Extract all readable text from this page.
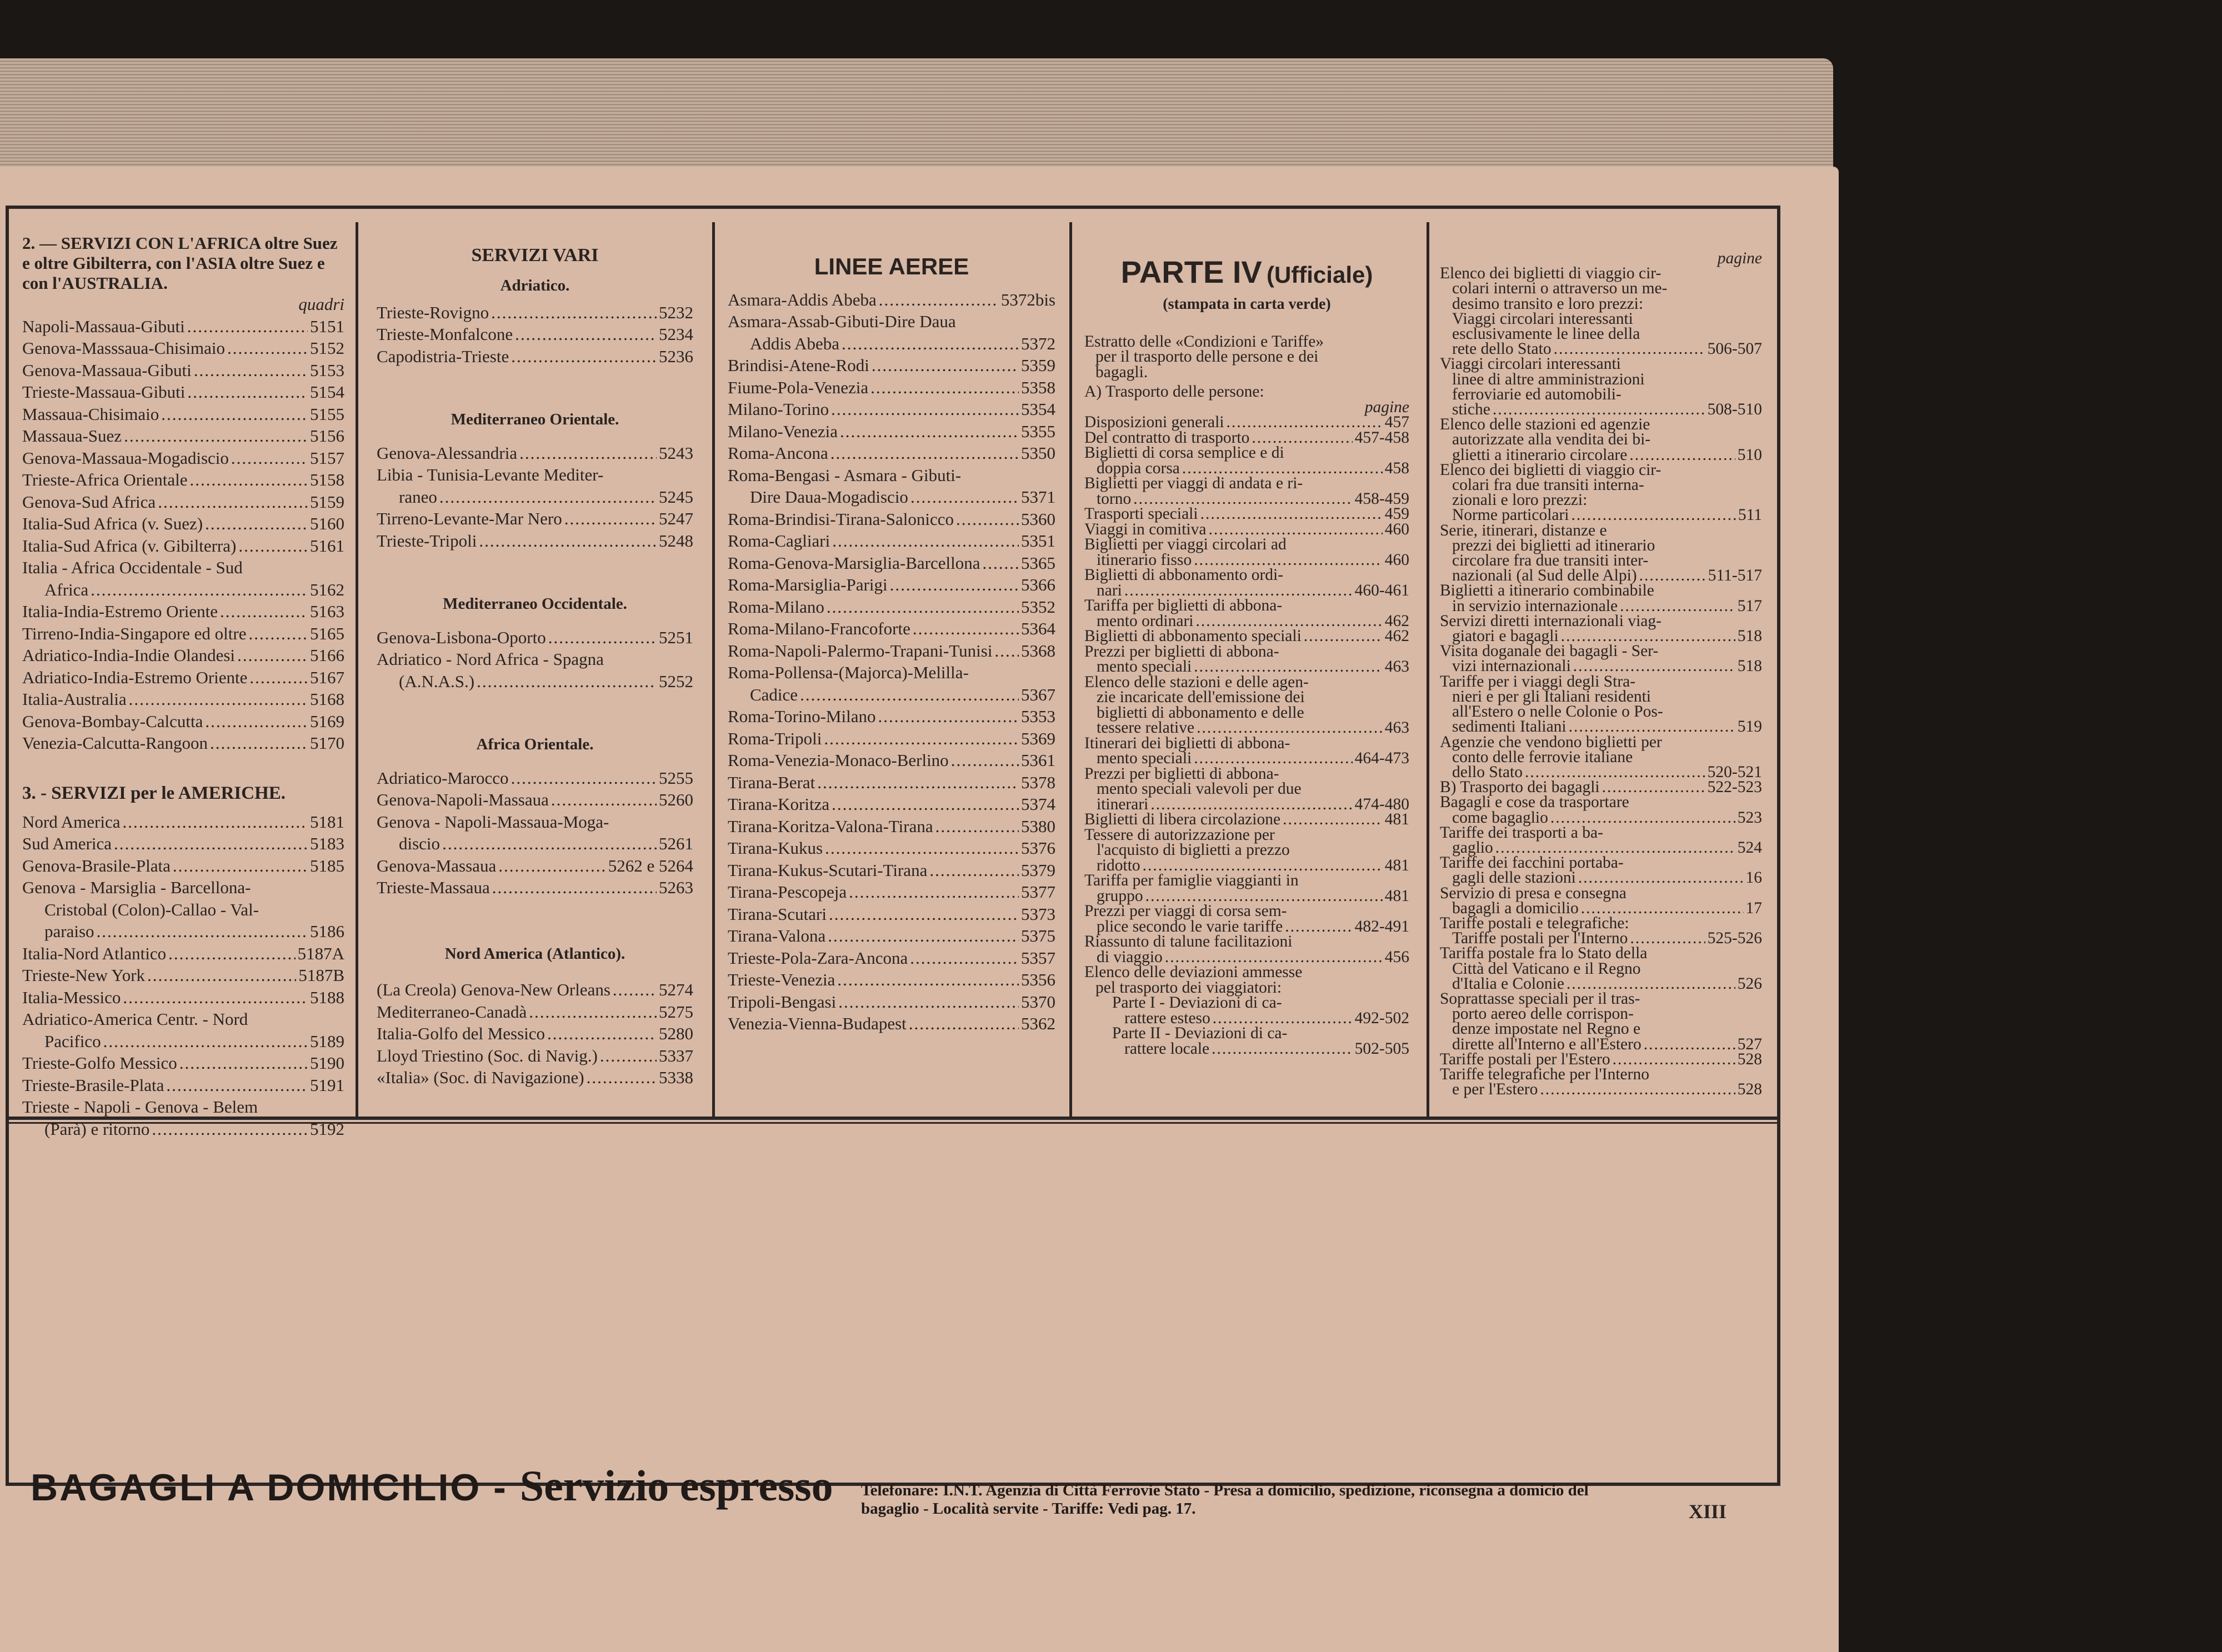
2. — SERVIZI CON L'AFRICA oltre Suez e oltre Gibilterra, con l'ASIA oltre Suez e con l'AUSTRALIA.
quadri
Napoli-Massaua-Gibuti .....	5151
Genova-Masssaua-Chisimaio .....	5152
Genova-Massaua-Gibuti .....	5153
Trieste-Massaua-Gibuti .....	5154
Massaua-Chisimaio .....	5155
Massaua-Suez .....	5156
Genova-Massaua-Mogadiscio .....	5157
Trieste-Africa Orientale .....	5158
Genova-Sud Africa .....	5159
Italia-Sud Africa (v. Suez) .....	5160
Italia-Sud Africa (v. Gibilterra) .....	5161
Italia - Africa Occidentale - Sud
Africa .....	5162
Italia-India-Estremo Oriente .....	5163
Tirreno-India-Singapore ed oltre .....	5165
Adriatico-India-Indie Olandesi .....	5166
Adriatico-India-Estremo Oriente .....	5167
Italia-Australia .....	5168
Genova-Bombay-Calcutta .....	5169
Venezia-Calcutta-Rangoon .....	5170
3. - SERVIZI per le AMERICHE.
Nord America .....	5181
Sud America .....	5183
Genova-Brasile-Plata .....	5185
Genova - Marsiglia - Barcellona-
Cristobal (Colon)-Callao - Val-
paraiso .....	5186
Italia-Nord Atlantico .....	5187A
Trieste-New York .....	5187B
Italia-Messico .....	5188
Adriatico-America Centr. - Nord
Pacifico .....	5189
Trieste-Golfo Messico .....	5190
Trieste-Brasile-Plata .....	5191
Trieste - Napoli - Genova - Belem
(Parà) e ritorno .....	5192
SERVIZI VARI
Adriatico.
Trieste-Rovigno .....	5232
Trieste-Monfalcone .....	5234
Capodistria-Trieste .....	5236
Mediterraneo Orientale.
Genova-Alessandria .....	5243
Libia - Tunisia-Levante Mediter-
raneo .....	5245
Tirreno-Levante-Mar Nero .....	5247
Trieste-Tripoli .....	5248
Mediterraneo Occidentale.
Genova-Lisbona-Oporto .....	5251
Adriatico - Nord Africa - Spagna
(A.N.A.S.) .....	5252
Africa Orientale.
Adriatico-Marocco .....	5255
Genova-Napoli-Massaua .....	5260
Genova - Napoli-Massaua-Moga-
discio .....	5261
Genova-Massaua .....	5262 e 5264
Trieste-Massaua .....	5263
Nord America (Atlantico).
(La Creola) Genova-New Orleans .....	5274
Mediterraneo-Canadà .....	5275
Italia-Golfo del Messico .....	5280
Lloyd Triestino (Soc. di Navig.) .....	5337
«Italia» (Soc. di Navigazione) .....	5338
LINEE AEREE
Asmara-Addis Abeba .....	5372bis
Asmara-Assab-Gibuti-Dire Daua
Addis Abeba .....	5372
Brindisi-Atene-Rodi .....	5359
Fiume-Pola-Venezia .....	5358
Milano-Torino .....	5354
Milano-Venezia .....	5355
Roma-Ancona .....	5350
Roma-Bengasi - Asmara - Gibuti-
Dire Daua-Mogadiscio .....	5371
Roma-Brindisi-Tirana-Salonicco .....	5360
Roma-Cagliari .....	5351
Roma-Genova-Marsiglia-Barcellona ..... 5365
Roma-Marsiglia-Parigi .....	5366
Roma-Milano .....	5352
Roma-Milano-Francoforte .....	5364
Roma-Napoli-Palermo-Trapani-Tunisi ..... 5368
Roma-Pollensa-(Majorca)-Melilla-
Cadice .....	5367
Roma-Torino-Milano .....	5353
Roma-Tripoli .....	5369
Roma-Venezia-Monaco-Berlino .....	5361
Tirana-Berat .....	5378
Tirana-Koritza .....	5374
Tirana-Koritza-Valona-Tirana .....	5380
Tirana-Kukus .....	5376
Tirana-Kukus-Scutari-Tirana .....	5379
Tirana-Pescopeja .....	5377
Tirana-Scutari .....	5373
Tirana-Valona .....	5375
Trieste-Pola-Zara-Ancona .....	5357
Trieste-Venezia .....	5356
Tripoli-Bengasi .....	5370
Venezia-Vienna-Budapest .....	5362
PARTE IV (Ufficiale)
(stampata in carta verde)
Estratto delle «Condizioni e Tariffe»
per il trasporto delle persone e dei
bagagli.
A) Trasporto delle persone:
pagine
Disposizioni generali .....	457
Del contratto di trasporto .....	457-458
Biglietti di corsa semplice e di
doppia corsa .....	458
Biglietti per viaggi di andata e ri-
torno .....	458-459
Trasporti speciali .....	459
Viaggi in comitiva .....	460
Biglietti per viaggi circolari ad
itinerario fisso .....	460
Biglietti di abbonamento ordi-
nari .....	460-461
Tariffa per biglietti di abbona-
mento ordinari .....	462
Biglietti di abbonamento speciali .....	462
Prezzi per biglietti di abbona-
mento speciali .....	463
Elenco delle stazioni e delle agen-
zie incaricate dell'emissione dei
biglietti di abbonamento e delle
tessere relative .....	463
Itinerari dei biglietti di abbona-
mento speciali .....	464-473
Prezzi per biglietti di abbona-
mento speciali valevoli per due
itinerari .....	474-480
Biglietti di libera circolazione .....	481
Tessere di autorizzazione per
l'acquisto di biglietti a prezzo
ridotto .....	481
Tariffa per famiglie viaggianti in
gruppo .....	481
Prezzi per viaggi di corsa sem-
plice secondo le varie tariffe .....	482-491
Riassunto di talune facilitazioni
di viaggio .....	456
Elenco delle deviazioni ammesse
pel trasporto dei viaggiatori:
Parte I - Deviazioni di ca-
rattere esteso .....	492-502
Parte II - Deviazioni di ca-
rattere locale .....	502-505
pagine
Elenco dei biglietti di viaggio cir-
colari interni o attraverso un me-
desimo transito e loro prezzi:
Viaggi circolari interessanti
esclusivamente le linee della
rete dello Stato .....	506-507
Viaggi circolari interessanti
linee di altre amministrazioni
ferroviarie ed automobili-
stiche .....	508-510
Elenco delle stazioni ed agenzie
autorizzate alla vendita dei bi-
glietti a itinerario circolare .....	510
Elenco dei biglietti di viaggio cir-
colari fra due transiti interna-
zionali e loro prezzi:
Norme particolari .....	511
Serie, itinerari, distanze e
prezzi dei biglietti ad itinerario
circolare fra due transiti inter-
nazionali (al Sud delle Alpi) .....	511-517
Biglietti a itinerario combinabile
in servizio internazionale .....	517
Servizi diretti internazionali viag-
giatori e bagagli .....	518
Visita doganale dei bagagli - Ser-
vizi internazionali .....	518
Tariffe per i viaggi degli Stra-
nieri e per gli Italiani residenti
all'Estero o nelle Colonie o Pos-
sedimenti Italiani .....	519
Agenzie che vendono biglietti per
conto delle ferrovie italiane
dello Stato .....	520-521
B) Trasporto dei bagagli .....	522-523
Bagagli e cose da trasportare
come bagaglio .....	523
Tariffe dei trasporti a ba-
gaglio .....	524
Tariffe dei facchini portaba-
gagli delle stazioni .....	16
Servizio di presa e consegna
bagagli a domicilio .....	17
Tariffe postali e telegrafiche:
Tariffe postali per l'Interno .....	525-526
Tariffa postale fra lo Stato della
Città del Vaticano e il Regno
d'Italia e Colonie .....	526
Soprattasse speciali per il tras-
porto aereo delle corrispon-
denze impostate nel Regno e
dirette all'Interno e all'Estero .....	527
Tariffe postali per l'Estero .....	528
Tariffe telegrafiche per l'Interno
e per l'Estero .....	528
BAGAGLI A DOMICILIO - Servizio espresso Telefonare: I.N.T. Agenzia di Città Ferrovie Stato - Presa a domicilio, spedizione, riconsegna a domicio del bagaglio - Località servite - Tariffe: Vedi pag. 17.	XIII
